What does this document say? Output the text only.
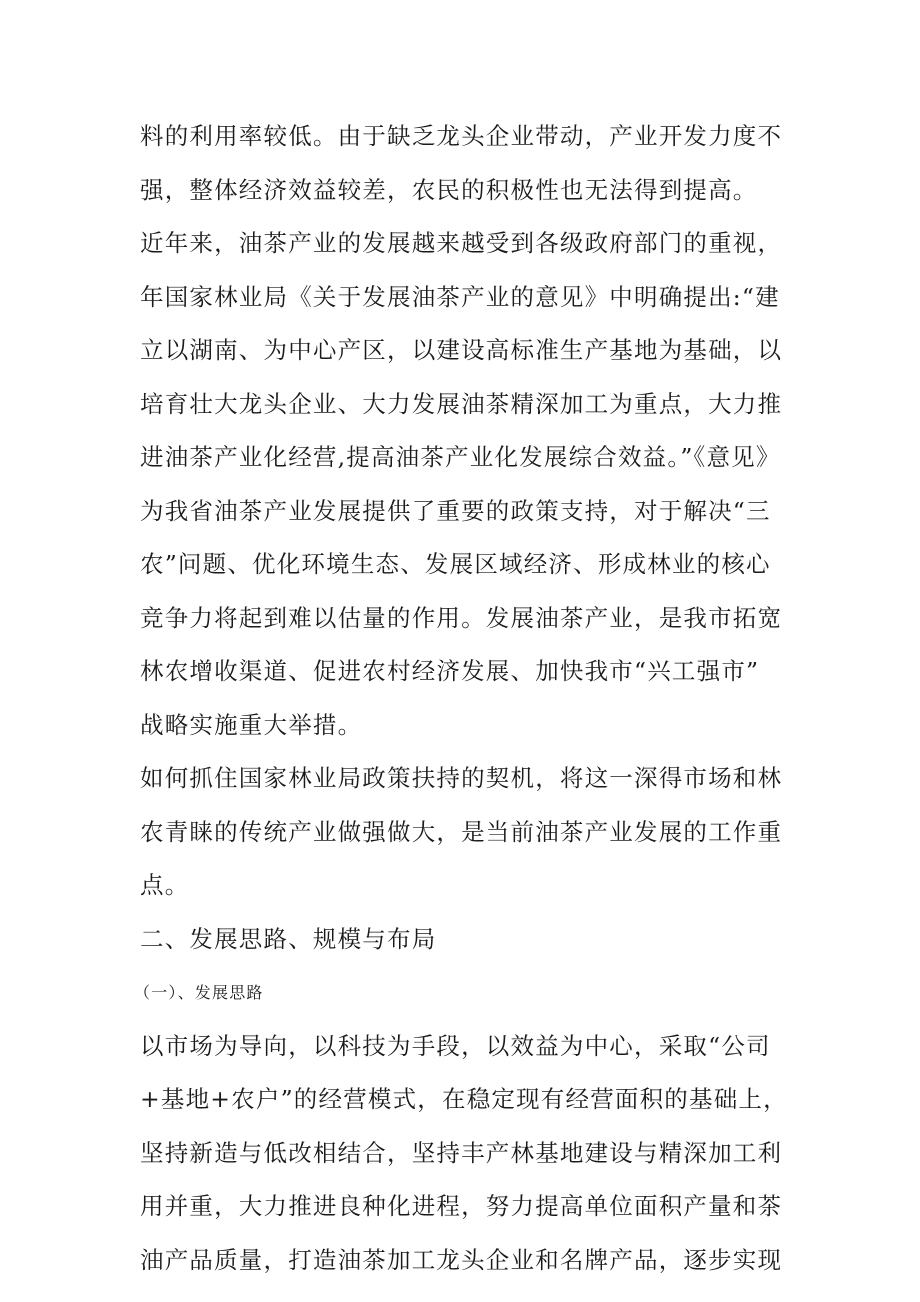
料的利用率较低。由于缺乏龙头企业带动，产业开发力度不
强，整体经济效益较差，农民的积极性也无法得到提高。
近年来，油茶产业的发展越来越受到各级政府部门的重视，
年国家林业局《关于发展油茶产业的意见》中明确提出:“建
立以湖南、为中心产区，以建设高标准生产基地为基础，以
培育壮大龙头企业、大力发展油茶精深加工为重点，大力推
进油茶产业化经营,提高油茶产业化发展综合效益。”《意见》
为我省油茶产业发展提供了重要的政策支持，对于解决“三
农”问题、优化环境生态、发展区域经济、形成林业的核心
竞争力将起到难以估量的作用。发展油茶产业，是我市拓宽
林农增收渠道、促进农村经济发展、加快我市“兴工强市”
战略实施重大举措。
如何抓住国家林业局政策扶持的契机，将这一深得市场和林
农青睐的传统产业做强做大，是当前油茶产业发展的工作重
点。
二、发展思路、规模与布局
（一）、发展思路
以市场为导向，以科技为手段，以效益为中心，采取“公司
+基地+农户”的经营模式，在稳定现有经营面积的基础上，
坚持新造与低改相结合，坚持丰产林基地建设与精深加工利
用并重，大力推进良种化进程，努力提高单位面积产量和茶
油产品质量，打造油茶加工龙头企业和名牌产品，逐步实现
